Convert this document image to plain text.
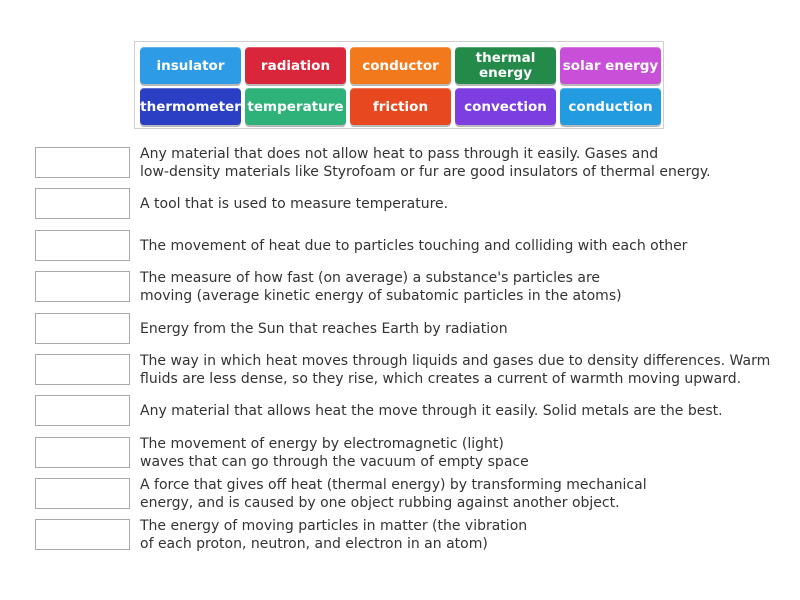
insulator	radiation	conductor	thermal
energy	solar energy
thermometer temperature	friction	convection	conduction
Any material that does not allow heat to pass through it easily. Gases and
low-density materials like Styrofoam or fur are good insulators of thermal energy.
A tool that is used to measure temperature.
The movement of heat due to particles touching and colliding with each other
The measure of how fast (on average) a substance's particles are
moving (average kinetic energy of subatomic particles in the atoms)
Energy from the Sun that reaches Earth by radiation
The way in which heat moves through liquids and gases due to density differences. Warm
fluids are less dense, so they rise, which creates a current of warmth moving upward.
Any material that allows heat the move through it easily. Solid metals are the best.
The movement of energy by electromagnetic (light)
waves that can go through the vacuum of empty space
A force that gives off heat (thermal energy) by transforming mechanical
energy, and is caused by one object rubbing against another object.
The energy of moving particles in matter (the vibration
of each proton, neutron, and electron in an atom)
